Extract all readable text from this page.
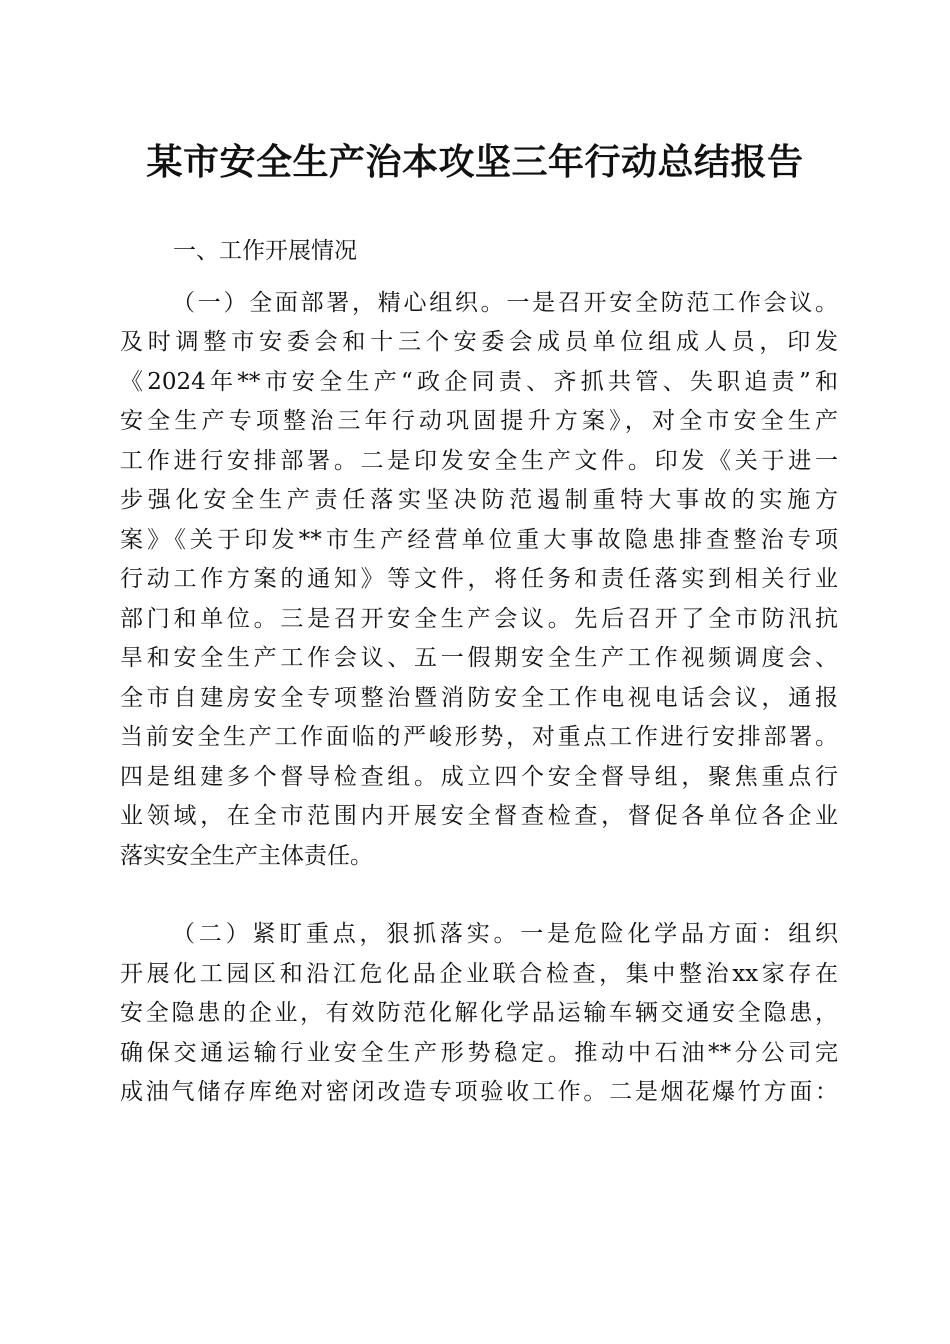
某市安全生产治本攻坚三年行动总结报告
一、工作开展情况
（一）全面部署，精心组织。一是召开安全防范工作会议。
及时调整市安委会和十三个安委会成员单位组成人员，印发
《2024年**市安全生产“政企同责、齐抓共管、失职追责”和
安全生产专项整治三年行动巩固提升方案》，对全市安全生产
工作进行安排部署。二是印发安全生产文件。印发《关于进一
步强化安全生产责任落实坚决防范遏制重特大事故的实施方
案》《关于印发**市生产经营单位重大事故隐患排查整治专项
行动工作方案的通知》等文件，将任务和责任落实到相关行业
部门和单位。三是召开安全生产会议。先后召开了全市防汛抗
旱和安全生产工作会议、五一假期安全生产工作视频调度会、
全市自建房安全专项整治暨消防安全工作电视电话会议，通报
当前安全生产工作面临的严峻形势，对重点工作进行安排部署。
四是组建多个督导检查组。成立四个安全督导组，聚焦重点行
业领域，在全市范围内开展安全督查检查，督促各单位各企业
落实安全生产主体责任。
（二）紧盯重点，狠抓落实。一是危险化学品方面：组织
开展化工园区和沿江危化品企业联合检查，集中整治xx家存在
安全隐患的企业，有效防范化解化学品运输车辆交通安全隐患，
确保交通运输行业安全生产形势稳定。推动中石油**分公司完
成油气储存库绝对密闭改造专项验收工作。二是烟花爆竹方面：
